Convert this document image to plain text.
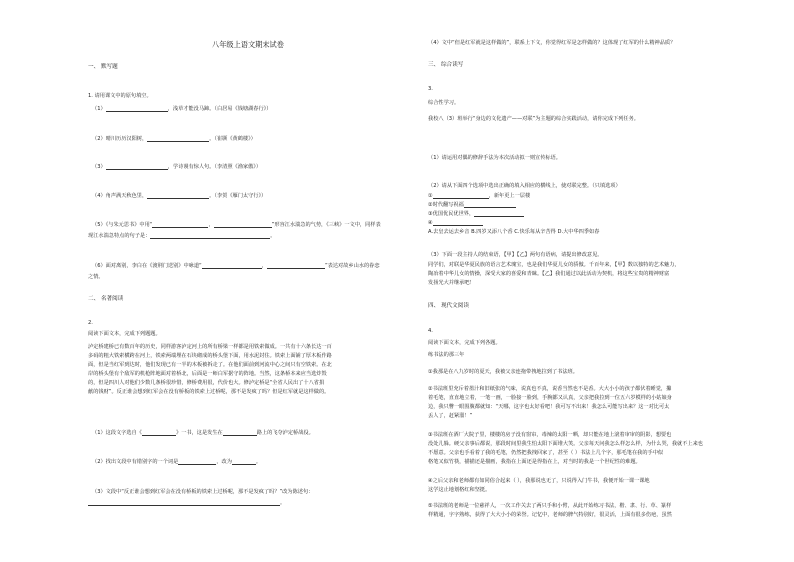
八年级上语文期末试卷
一、 默写题
1. 请用课文中的原句填空。
（1）	，浅草才能没马蹄。（白居易《钱塘湖春行》）
（2）晴川历历汉阳树，	。（崔颢《黄鹤楼》）
（3）	，学诗谩有惊人句。（李清照《渔家傲》）
（4）角声满天秋色里，	。（李贺《雁门太守行》）
（5）《与朱元思书》中用“	，	”形容江水湍急的气势，《三峡》一文中，同样表
现江水湍急特点的句子是：	。
（6）面对离别，李白在《渡荆门送别》中咏道“	，	”表达对故乡山水的眷恋
之情。
二、 名著阅读
2.
阅读下面文本，完成下列题题。
泸定桥建桥已有数百年的历史，同样游客泸定河上的所有桥梁一样都是用铁索做成。一共有十六条长达一百
多码的粗大铁索横跨在河上，铁索两端埋在石块砌成的桥头堡下面，用水泥封住。铁索上面铺了厚木板作路
面，但是当红军到达时，他们发现已有一半的木板被拆走了。在他们面前到河流中心之间只有空铁索。在北
岸的桥头堡有个敌军的机枪阵地面对着桥北，后面是一师白军据守的阵地。当然，这条桥本来应当选炸毁
的，但是四川人对他们少数几条桥很珍惜，修桥费用很，代价也大。修泸定桥是“全省人民出了十八省捐
献的钱财”。反正谁会想到红军会在没有桥板的铁索上过桥呢，那不是发疯了吗？但是红军就是这样做的。
（1）这段文字选自《	》一书，这是发生在	路上的飞夺泸定桥战役。
（2）找出文段中有错别字的一个词是	，改为	。
（3）文段中“反正谁会想到红军会在没有桥板的铁索上过桥呢，那不是发疯了吗？”改为陈述句：
。
（4）文中“但是红军就是这样做的”，联系上下文，你觉得红军是怎样做的？这体现了红军的什么精神品质？
三、 综合读写
3.
综合性学习。
我校八（3）班举行“身边的文化遗产——对联”为主题的综合实践活动，请你完成下列任务。
（1）请运用对偶的修辞手法为本次活动拟一则宣传标语。
（2）请从下面四个选项中选出正确的填入相应的横线上，使对联完整。（只填选项）
①	，新年更上一层楼
②时代翻写祝福
③优国优民优世界，
④
A.去皇去运去乡音 B.四岁又添八个香 C.快乐每从辛苦得 D.大中华四季如春
（3）下面一段主持人的结束语，【甲】【乙】两句有语病，请提出修改意见。
同学们，对联是华夏民族的语言艺术瑰宝，也是我们华夏儿女的骄傲。千百年来，【甲】数以独特的艺术魅力，
陶冶着中华儿女的情操，深受大家的喜爱和青睐。【乙】我们通过以此活动为契机，将这些宝贵的精神财富
发扬光大并继承吧！
四、 现代文阅读
4.
阅读下面文本，完成下列各题。
练书法的那三年
①我那是在八九岁时的夏天，我被父亲连拖带拽地拉到了书法班。
②书法班里充斥着墨汁和旧纸张的气味，说真也不真，说香当然也不是香。大大小小的孩子都伏着睡觉，攥
着毛笔，直直地立着，一笔一画，一脸接一脸到，手腕都又认真，父亲把我拉到一位五六岁模样的小姑娘身
边，我只瞥一眼围腹都就知：“天哪，这字也太好看吧！我可写不出来！我怎么可能写出来？这一对比可太
丢人了，赶紧溜！”
③书法班在酒厂大院子里，楼楼的房子没有窗帘，毒辣的太阳一晒，却只能在地上滚着审审的阴影，想要也
没处儿躲。硬父亲事后都说，那段时间里我生怕太阳下面堆大笑。父亲每天问我怎么样怎么样，为什么哭，我就不上来也
不愿意。父亲也手看着了我的毛笔，仍然把我拽回家了，甚至（ ）书法上几个字，那毛笔在我的手中似
格笔又似竹筷，描描还是描画，我指在上面还是得指在上，对当时的我是一个世纪性的难题。
④之后父亲和老师都有如同俗合起来（ ），我那说也无了，只说得入门牛书，我便开始一课一课地
这学这止地划格红和坚挺。
⑤书法班的老师是一位慈祥人，一次工作关去了两只手和小臂，从此开始练习书法，楷、隶、行、草、篆样
样精通，字字熟练，获得了大大小小的荣誉。记忆中，老师的脾气特别好，很灵活，上面有很多伤疤，虽然
